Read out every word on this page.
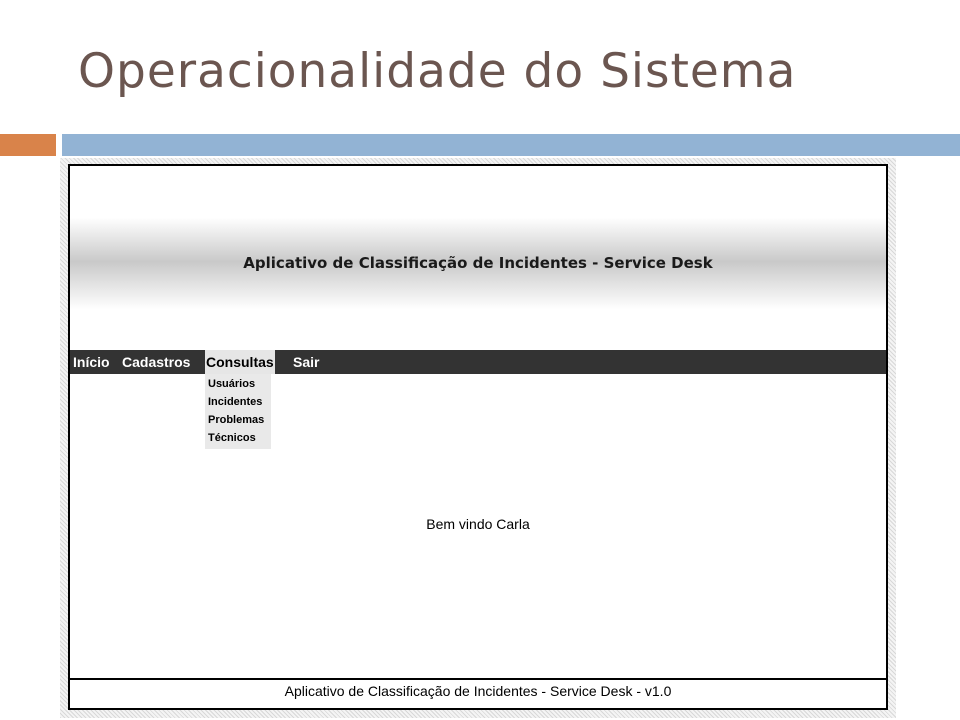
Operacionalidade do Sistema
Aplicativo de Classificação de Incidentes - Service Desk
Início Cadastros Consultas Sair
Usuários
Incidentes
Problemas
Técnicos
Bem vindo Carla
Aplicativo de Classificação de Incidentes - Service Desk - v1.0
